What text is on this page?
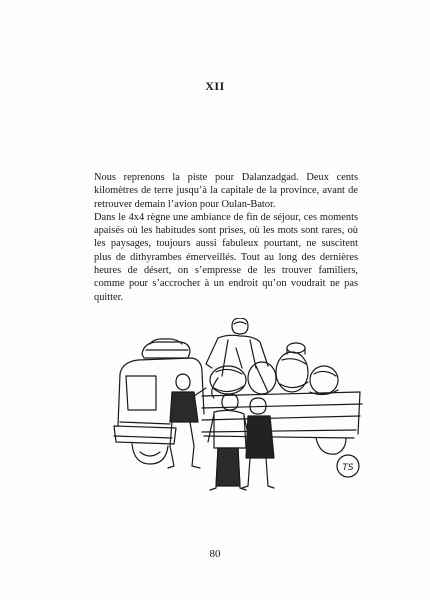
XII

Nous reprenons la piste pour Dalanzadgad. Deux cents kilomètres de terre jusqu’à la capitale de la province, avant de retrouver demain l’avion pour Oulan-Bator.

Dans le 4x4 règne une ambiance de fin de séjour, ces moments apaisés où les habitudes sont prises, où les mots sont rares, où les paysages, toujours aussi fabuleux pourtant, ne suscitent plus de dithyrambes émerveillés. Tout au long des dernières heures de désert, on s’empresse de les trouver familiers, comme pour s’accrocher à un endroit qu’on voudrait ne pas quitter.

TS
80
